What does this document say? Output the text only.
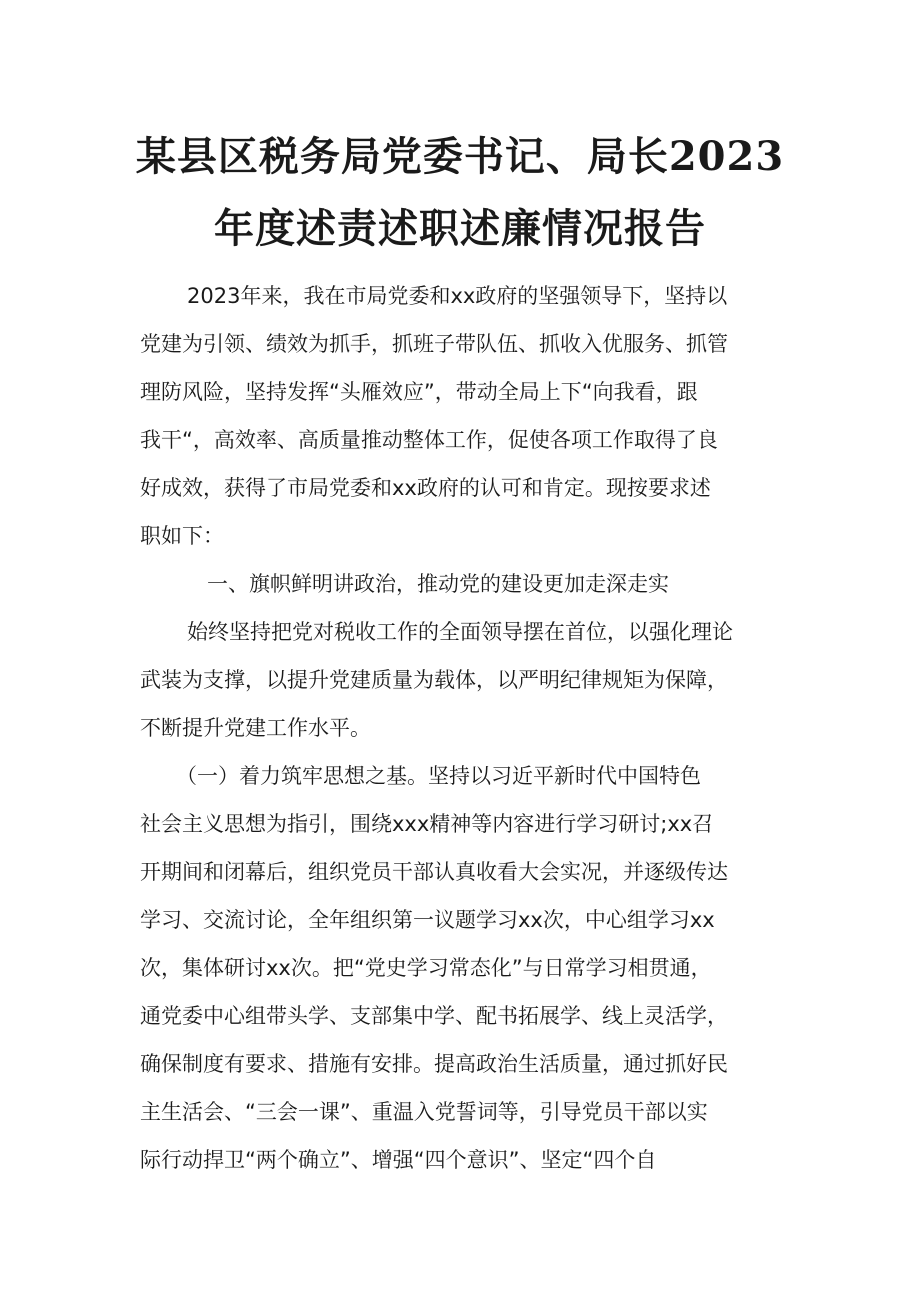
某县区税务局党委书记、局长2023
年度述责述职述廉情况报告
2023年来，我在市局党委和xx政府的坚强领导下，坚持以
党建为引领、绩效为抓手，抓班子带队伍、抓收入优服务、抓管
理防风险，坚持发挥“头雁效应”，带动全局上下“向我看，跟
我干“，高效率、高质量推动整体工作，促使各项工作取得了良
好成效，获得了市局党委和xx政府的认可和肯定。现按要求述
职如下：
一、旗帜鲜明讲政治，推动党的建设更加走深走实
始终坚持把党对税收工作的全面领导摆在首位，以强化理论
武装为支撑，以提升党建质量为载体，以严明纪律规矩为保障，
不断提升党建工作水平。
（一）着力筑牢思想之基。坚持以习近平新时代中国特色
社会主义思想为指引，围绕xxx精神等内容进行学习研讨;xx召
开期间和闭幕后，组织党员干部认真收看大会实况，并逐级传达
学习、交流讨论，全年组织第一议题学习xx次，中心组学习xx
次，集体研讨xx次。把“党史学习常态化”与日常学习相贯通，
通党委中心组带头学、支部集中学、配书拓展学、线上灵活学，
确保制度有要求、措施有安排。提高政治生活质量，通过抓好民
主生活会、“三会一课”、重温入党誓词等，引导党员干部以实
际行动捍卫“两个确立”、增强“四个意识”、坚定“四个自
